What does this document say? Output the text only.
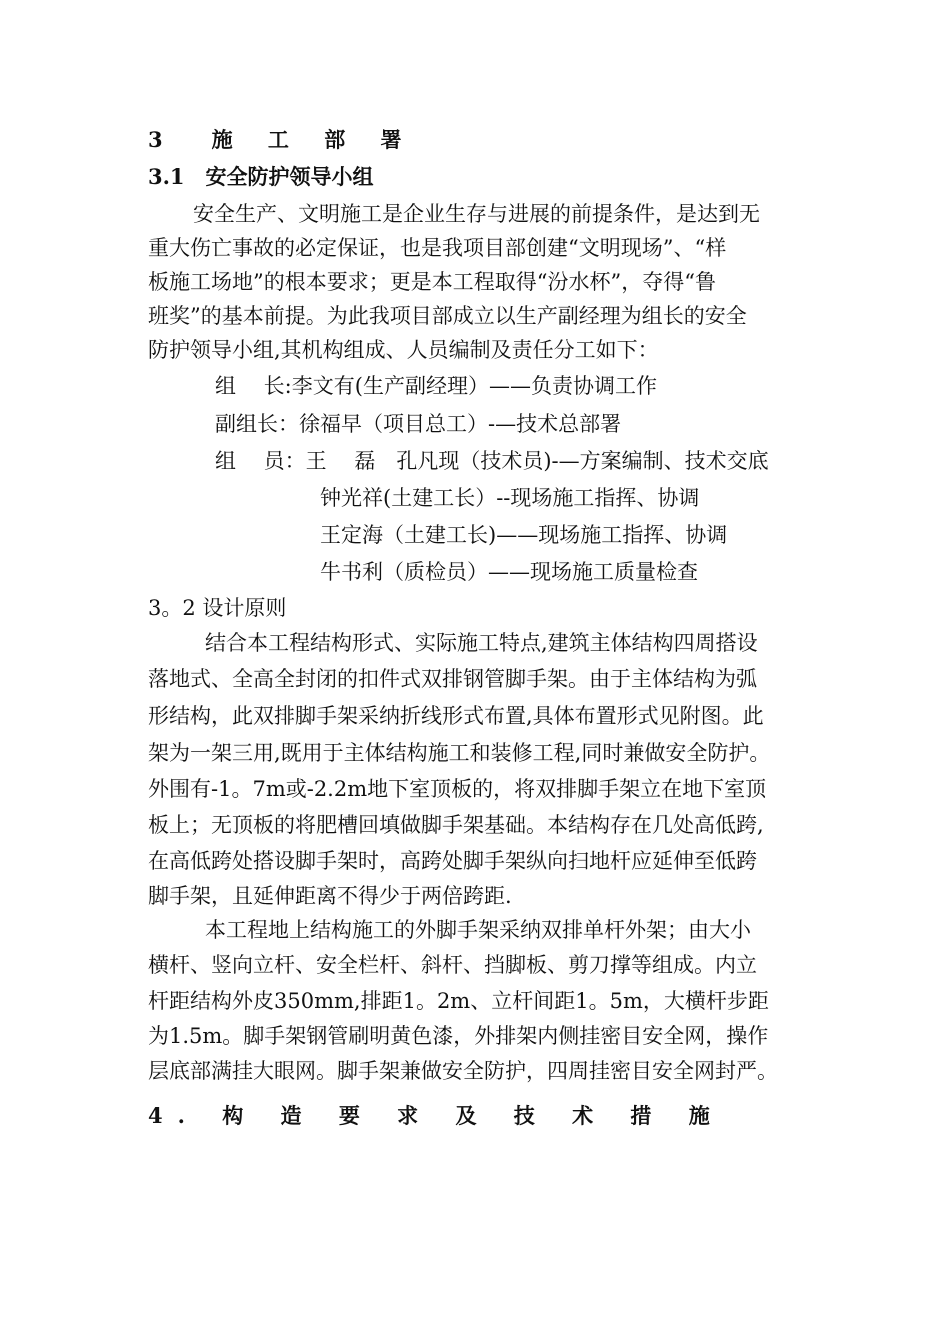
3　施 工 部 署
3.1　安全防护领导小组
安全生产、文明施工是企业生存与进展的前提条件，是达到无
重大伤亡事故的必定保证，也是我项目部创建“文明现场”、“样
板施工场地”的根本要求；更是本工程取得“汾水杯”，夺得“鲁
班奖”的基本前提。为此我项目部成立以生产副经理为组长的安全
防护领导小组,其机构组成、人员编制及责任分工如下：
组　 长:李文有(生产副经理）——负责协调工作
副组长：徐福早（项目总工）-—技术总部署
组　 员：王　 磊　孔凡现（技术员)-—方案编制、技术交底
钟光祥(土建工长）--现场施工指挥、协调
王定海（土建工长)——现场施工指挥、协调
牛书利（质检员）——现场施工质量检查
3。2 设计原则
结合本工程结构形式、实际施工特点,建筑主体结构四周搭设
落地式、全高全封闭的扣件式双排钢管脚手架。由于主体结构为弧
形结构，此双排脚手架采纳折线形式布置,具体布置形式见附图。此
架为一架三用,既用于主体结构施工和装修工程,同时兼做安全防护。
外围有-1。7m或-2.2m地下室顶板的，将双排脚手架立在地下室顶
板上；无顶板的将肥槽回填做脚手架基础。本结构存在几处高低跨,
在高低跨处搭设脚手架时，高跨处脚手架纵向扫地杆应延伸至低跨
脚手架，且延伸距离不得少于两倍跨距.
本工程地上结构施工的外脚手架采纳双排单杆外架；由大小
横杆、竖向立杆、安全栏杆、斜杆、挡脚板、剪刀撑等组成。内立
杆距结构外皮350mm,排距1。2m、立杆间距1。5m，大横杆步距
为1.5m。脚手架钢管刷明黄色漆，外排架内侧挂密目安全网，操作
层底部满挂大眼网。脚手架兼做安全防护，四周挂密目安全网封严。
4. 构 造 要 求 及 技 术 措 施
